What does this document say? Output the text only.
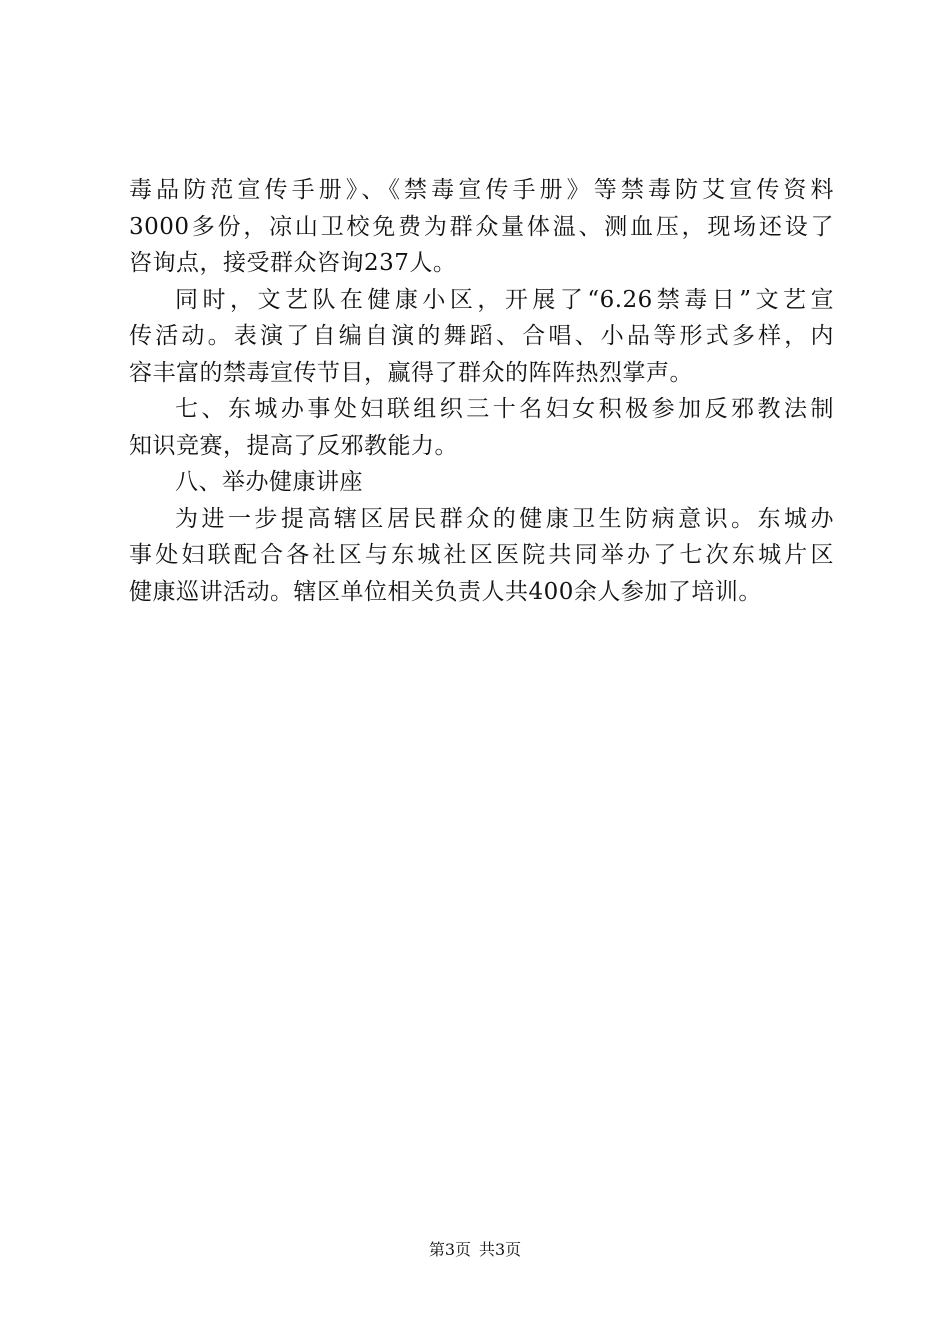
毒品防范宣传手册》、《禁毒宣传手册》等禁毒防艾宣传资料
3000多份，凉山卫校免费为群众量体温、测血压，现场还设了
咨询点，接受群众咨询237人。
同时，文艺队在健康小区，开展了“6.26禁毒日”文艺宣
传活动。表演了自编自演的舞蹈、合唱、小品等形式多样，内
容丰富的禁毒宣传节目，赢得了群众的阵阵热烈掌声。
七、东城办事处妇联组织三十名妇女积极参加反邪教法制
知识竞赛，提高了反邪教能力。
八、举办健康讲座
为进一步提高辖区居民群众的健康卫生防病意识。东城办
事处妇联配合各社区与东城社区医院共同举办了七次东城片区
健康巡讲活动。辖区单位相关负责人共400余人参加了培训。
第3页 共3页
